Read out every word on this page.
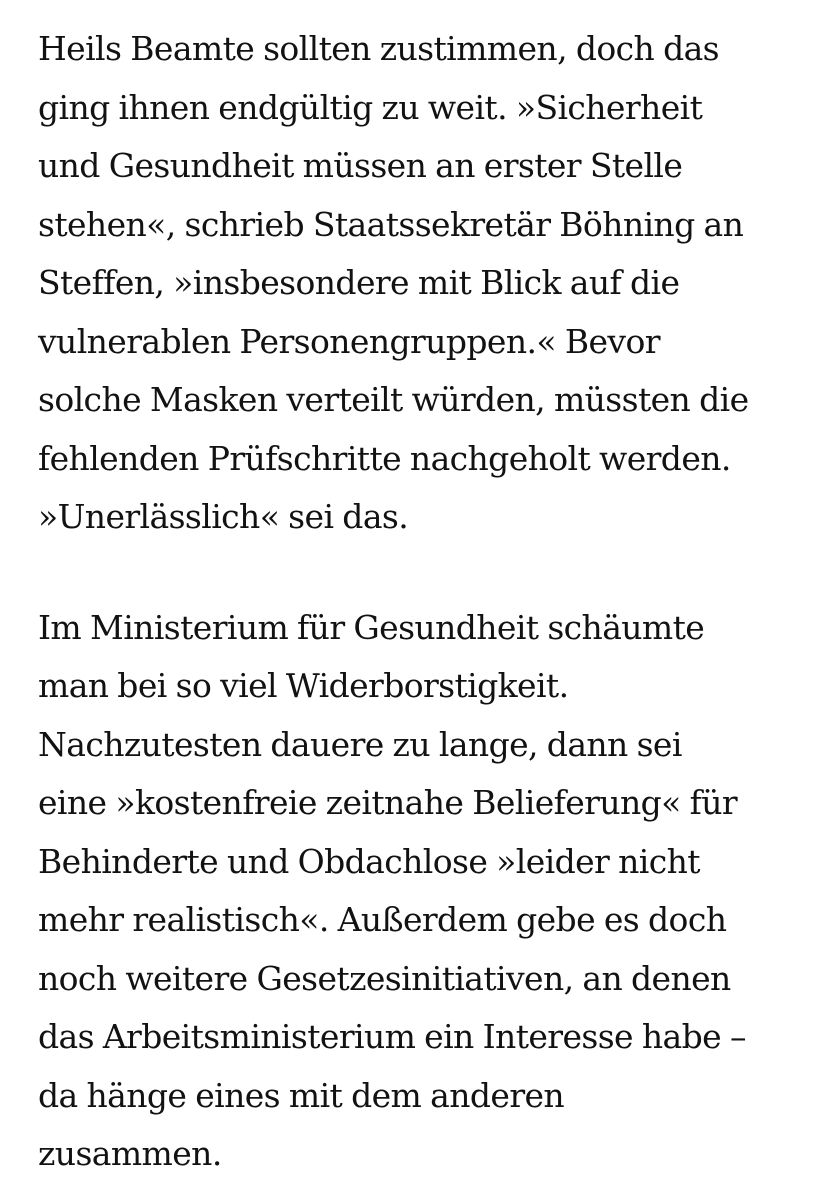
Heils Beamte sollten zustimmen, doch das
ging ihnen endgültig zu weit. »Sicherheit
und Gesundheit müssen an erster Stelle
stehen«, schrieb Staatssekretär Böhning an
Steffen, »insbesondere mit Blick auf die
vulnerablen Personengruppen.« Bevor
solche Masken verteilt würden, müssten die
fehlenden Prüfschritte nachgeholt werden.
»Unerlässlich« sei das.

Im Ministerium für Gesundheit schäumte
man bei so viel Widerborstigkeit.
Nachzutesten dauere zu lange, dann sei
eine »kostenfreie zeitnahe Belieferung« für
Behinderte und Obdachlose »leider nicht
mehr realistisch«. Außerdem gebe es doch
noch weitere Gesetzesinitiativen, an denen
das Arbeitsministerium ein Interesse habe –
da hänge eines mit dem anderen
zusammen.
